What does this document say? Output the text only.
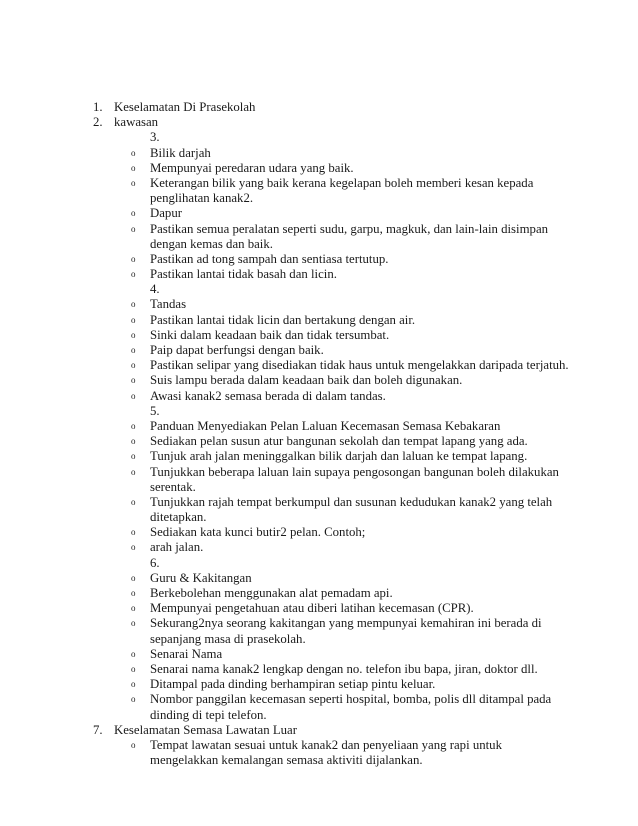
1. Keselamatan Di Prasekolah
2. kawasan
3.
o Bilik darjah
o Mempunyai peredaran udara yang baik.
o Keterangan bilik yang baik kerana kegelapan boleh memberi kesan kepada
penglihatan kanak2.
o Dapur
o Pastikan semua peralatan seperti sudu, garpu, magkuk, dan lain-lain disimpan
dengan kemas dan baik.
o Pastikan ad tong sampah dan sentiasa tertutup.
o Pastikan lantai tidak basah dan licin.
4.
o Tandas
o Pastikan lantai tidak licin dan bertakung dengan air.
o Sinki dalam keadaan baik dan tidak tersumbat.
o Paip dapat berfungsi dengan baik.
o Pastikan selipar yang disediakan tidak haus untuk mengelakkan daripada terjatuh.
o Suis lampu berada dalam keadaan baik dan boleh digunakan.
o Awasi kanak2 semasa berada di dalam tandas.
5.
o Panduan Menyediakan Pelan Laluan Kecemasan Semasa Kebakaran
o Sediakan pelan susun atur bangunan sekolah dan tempat lapang yang ada.
o Tunjuk arah jalan meninggalkan bilik darjah dan laluan ke tempat lapang.
o Tunjukkan beberapa laluan lain supaya pengosongan bangunan boleh dilakukan
serentak.
o Tunjukkan rajah tempat berkumpul dan susunan kedudukan kanak2 yang telah
ditetapkan.
o Sediakan kata kunci butir2 pelan. Contoh;
o arah jalan.
6.
o Guru & Kakitangan
o Berkebolehan menggunakan alat pemadam api.
o Mempunyai pengetahuan atau diberi latihan kecemasan (CPR).
o Sekurang2nya seorang kakitangan yang mempunyai kemahiran ini berada di
sepanjang masa di prasekolah.
o Senarai Nama
o Senarai nama kanak2 lengkap dengan no. telefon ibu bapa, jiran, doktor dll.
o Ditampal pada dinding berhampiran setiap pintu keluar.
o Nombor panggilan kecemasan seperti hospital, bomba, polis dll ditampal pada
dinding di tepi telefon.
7. Keselamatan Semasa Lawatan Luar
o Tempat lawatan sesuai untuk kanak2 dan penyeliaan yang rapi untuk
mengelakkan kemalangan semasa aktiviti dijalankan.
